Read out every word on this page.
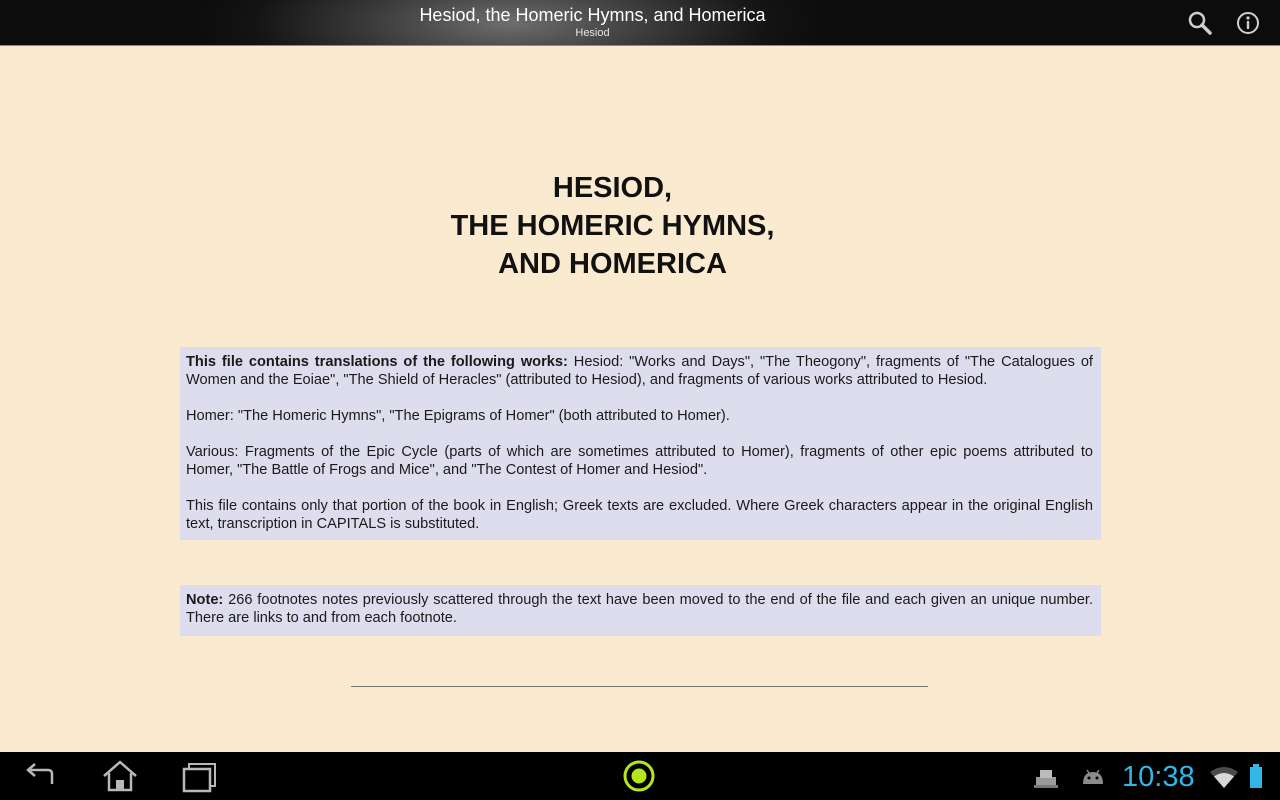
Hesiod, the Homeric Hymns, and Homerica
Hesiod
HESIOD,
THE HOMERIC HYMNS,
AND HOMERICA

This file contains translations of the following works: Hesiod: "Works and Days", "The Theogony", fragments of "The Catalogues of Women and the Eoiae", "The Shield of Heracles" (attributed to Hesiod), and fragments of various works attributed to Hesiod.

Homer: "The Homeric Hymns", "The Epigrams of Homer" (both attributed to Homer).

Various: Fragments of the Epic Cycle (parts of which are sometimes attributed to Homer), fragments of other epic poems attributed to Homer, "The Battle of Frogs and Mice", and "The Contest of Homer and Hesiod".

This file contains only that portion of the book in English; Greek texts are excluded. Where Greek characters appear in the original English text, transcription in CAPITALS is substituted.

Note: 266 footnotes notes previously scattered through the text have been moved to the end of the file and each given an unique number. There are links to and from each footnote.

10:38
